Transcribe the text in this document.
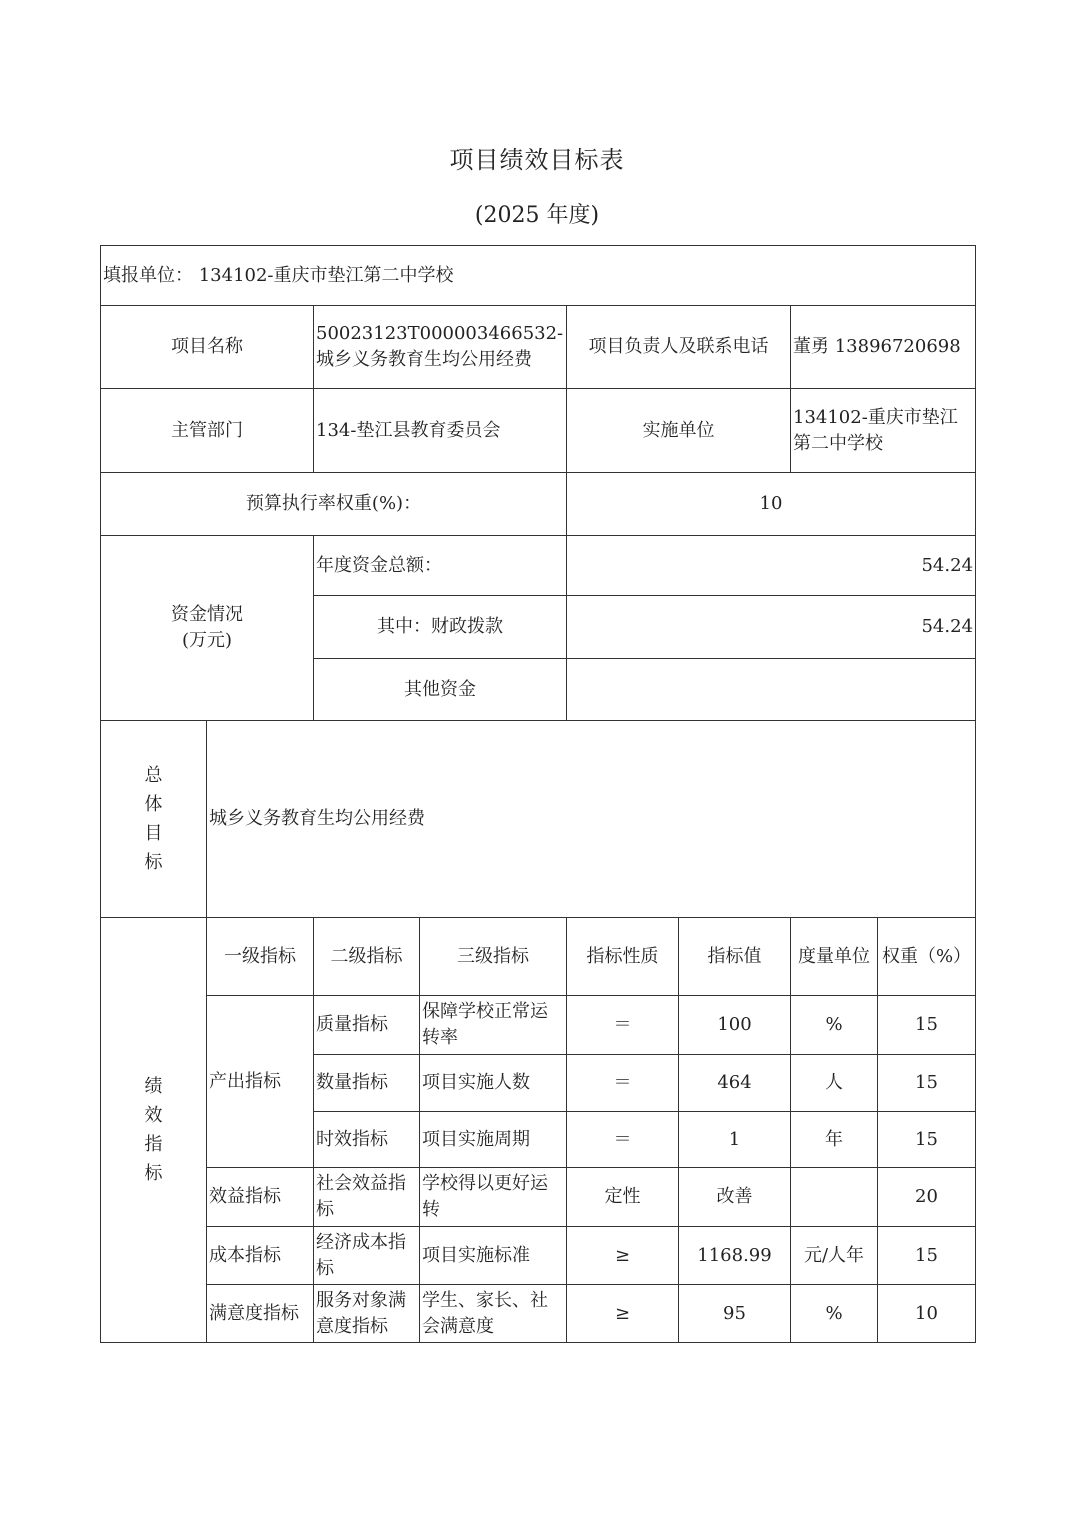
项目绩效目标表
(2025 年度)
填报单位： 134102-重庆市垫江第二中学校							
项目名称		50023123T000003466532-城乡义务教育生均公用经费		项目负责人及联系电话		董勇 13896720698	
主管部门		134-垫江县教育委员会		实施单位		134102-重庆市垫江第二中学校	
预算执行率权重(%)：				10			

资金情况
(万元)		年度资金总额：		54.24			
		其中：财政拨款		54.24			
		其他资金					

总
体
目
标	城乡义务教育生均公用经费						

绩
效
指
标	一级指标	二级指标	三级指标	指标性质	指标值	度量单位	权重（%）
	产出指标	质量指标	保障学校正常运转率	＝	100	%	15
		数量指标	项目实施人数	＝	464	人	15
		时效指标	项目实施周期	＝	1	年	15
	效益指标	社会效益指标	学校得以更好运转	定性	改善		20
	成本指标	经济成本指标	项目实施标准	≥	1168.99	元/人年	15
	满意度指标	服务对象满意度指标	学生、家长、社会满意度	≥	95	%	10
